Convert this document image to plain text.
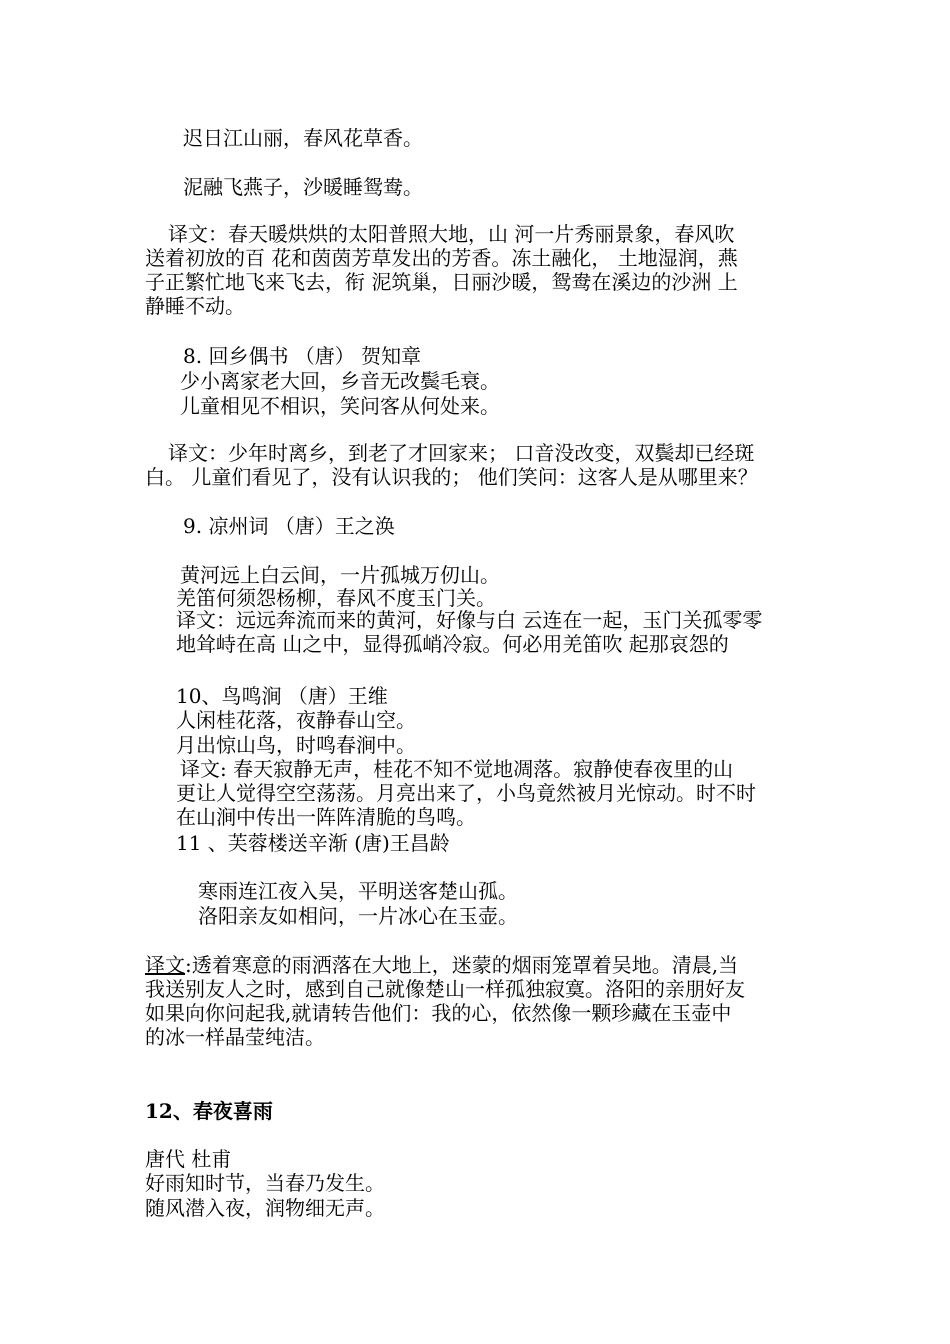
迟日江山丽，春风花草香。
泥融飞燕子，沙暖睡鸳鸯。
译文：春天暖烘烘的太阳普照大地，山 河一片秀丽景象，春风吹
送着初放的百 花和茵茵芳草发出的芳香。冻土融化， 土地湿润，燕
子正繁忙地飞来飞去，衔 泥筑巢，日丽沙暖，鸳鸯在溪边的沙洲 上
静睡不动。
8. 回乡偶书 （唐） 贺知章
少小离家老大回，乡音无改鬓毛衰。
儿童相见不相识，笑问客从何处来。
译文：少年时离乡，到老了才回家来； 口音没改变，双鬓却已经斑
白。 儿童们看见了，没有认识我的； 他们笑问：这客人是从哪里来？
9. 凉州词 （唐）王之涣
黄河远上白云间，一片孤城万仞山。
羌笛何须怨杨柳，春风不度玉门关。
译文：远远奔流而来的黄河，好像与白 云连在一起，玉门关孤零零
地耸峙在高 山之中，显得孤峭冷寂。何必用羌笛吹 起那哀怨的
10、鸟鸣涧 （唐）王维
人闲桂花落，夜静春山空。
月出惊山鸟，时鸣春涧中。
译文: 春天寂静无声，桂花不知不觉地凋落。寂静使春夜里的山
更让人觉得空空荡荡。月亮出来了，小鸟竟然被月光惊动。时不时
在山涧中传出一阵阵清脆的鸟鸣。
11 、芙蓉楼送辛渐 (唐)王昌龄
寒雨连江夜入吴，平明送客楚山孤。
洛阳亲友如相问，一片冰心在玉壶。
译文:透着寒意的雨洒落在大地上，迷蒙的烟雨笼罩着吴地。清晨,当
我送别友人之时，感到自己就像楚山一样孤独寂寞。洛阳的亲朋好友
如果向你问起我,就请转告他们：我的心，依然像一颗珍藏在玉壶中
的冰一样晶莹纯洁。
12、春夜喜雨
唐代 杜甫
好雨知时节，当春乃发生。
随风潜入夜，润物细无声。
